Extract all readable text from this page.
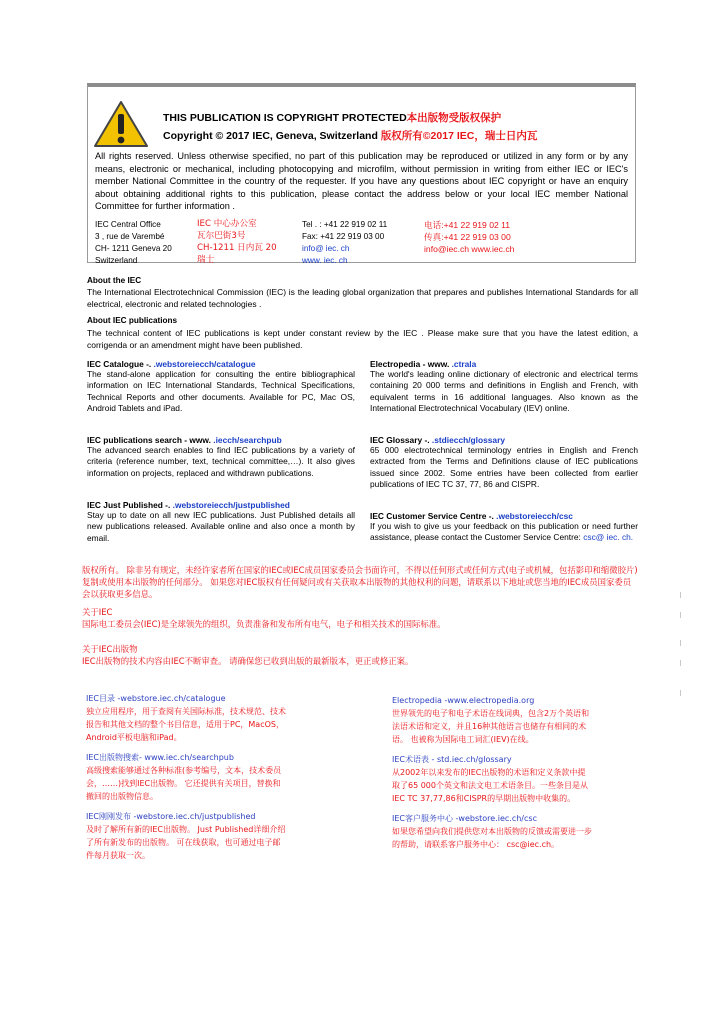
THIS PUBLICATION IS COPYRIGHT PROTECTED本出版物受版权保护
Copyright © 2017 IEC, Geneva, Switzerland 版权所有©2017 IEC，瑞士日内瓦
All rights reserved. Unless otherwise specified, no part of this publication may be reproduced or utilized in any form or by any means, electronic or mechanical, including photocopying and microfilm, without permission in writing from either IEC or IEC's member National Committee in the country of the requester. If you have any questions about IEC copyright or have an enquiry about obtaining additional rights to this publication, please contact the address below or your local IEC member National Committee for further information .
IEC Central Office
3 , rue de Varembé
CH- 1211 Geneva 20
Switzerland
IEC 中心办公室
瓦尔巴街3号
CH-1211 日内瓦 20
瑞士
Tel . : +41 22 919 02 11
Fax: +41 22 919 03 00
info@ iec. ch
www. iec. ch
电话:+41 22 919 02 11
传真:+41 22 919 03 00
info@iec.ch www.iec.ch
About the IEC
The International Electrotechnical Commission (IEC) is the leading global organization that prepares and publishes International Standards for all electrical, electronic and related technologies .
About IEC publications
The technical content of IEC publications is kept under constant review by the IEC . Please make sure that you have the latest edition, a corrigenda or an amendment might have been published.
IEC Catalogue -. .webstoreiecch/catalogue
The stand-alone application for consulting the entire bibliographical information on IEC International Standards, Technical Specifications, Technical Reports and other documents. Available for PC, Mac OS, Android Tablets and iPad.
IEC publications search - www. .iecch/searchpub
The advanced search enables to find IEC publications by a variety of criteria (reference number, text, technical committee,…). It also gives information on projects, replaced and withdrawn publications.
IEC Just Published -. .webstoreiecch/justpublished
Stay up to date on all new IEC publications. Just Published details all new publications released. Available online and also once a month by email.
Electropedia - www. .ctrala
The world's leading online dictionary of electronic and electrical terms containing 20 000 terms and definitions in English and French, with equivalent terms in 16 additional languages. Also known as the International Electrotechnical Vocabulary (IEV) online.
IEC Glossary -. .stdiecch/glossary
65 000 electrotechnical terminology entries in English and French extracted from the Terms and Definitions clause of IEC publications issued since 2002. Some entries have been collected from earlier publications of IEC TC 37, 77, 86 and CISPR.
IEC Customer Service Centre -. .webstoreiecch/csc
If you wish to give us your feedback on this publication or need further assistance, please contact the Customer Service Centre: csc@ iec. ch.
版权所有。 除非另有规定，未经许家者所在国家的IEC或IEC成员国家委员会书面许可，不得以任何形式或任何方式(电子或机械，包括影印和缩微胶片)复制或使用本出版物的任何部分。 如果您对IEC版权有任何疑问或有关获取本出版物的其他权利的问题，请联系以下地址或您当地的IEC成员国家委员会以获取更多信息。
关于IEC
国际电工委员会(IEC)是全球领先的组织，负责准备和发布所有电气，电子和相关技术的国际标准。
关于IEC出版物
IEC出版物的技术内容由IEC不断审查。 请确保您已收到出版的最新版本，更正或修正案。
IEC目录 -webstore.iec.ch/catalogue
独立应用程序，用于查阅有关国际标准，技术规范、技术报告和其他文档的整个书目信息，适用于PC，MacOS，Android平板电脑和iPad。
IEC出版物搜索- www.iec.ch/searchpub
高级搜索能够通过各种标准(参考编号，文本，技术委员会，……)找到IEC出版物。 它还提供有关项目，替换和撤回的出版物信息。
IEC刚刚发布 -webstore.iec.ch/justpublished
及时了解所有新的IEC出版物。 Just Published详细介绍了所有新发布的出版物。 可在线获取，也可通过电子邮件每月获取一次。
Electropedia -www.electropedia.org
世界领先的电子和电子术语在线词典，包含2万个英语和法语术语和定义，并且16种其他语言也储存有相同的术语。 也被称为国际电工词汇(IEV)在线。
IEC术语表 - std.iec.ch/glossary
从2002年以来发布的IEC出版物的术语和定义条款中提取了65 000个英文和法文电工术语条目。一些条目是从IEC TC 37,77,86和CISPR的早期出版物中收集的。
IEC客户服务中心 -webstore.iec.ch/csc
如果您希望向我们提供您对本出版物的反馈或需要进一步的帮助，请联系客户服务中心： csc@iec.ch。
